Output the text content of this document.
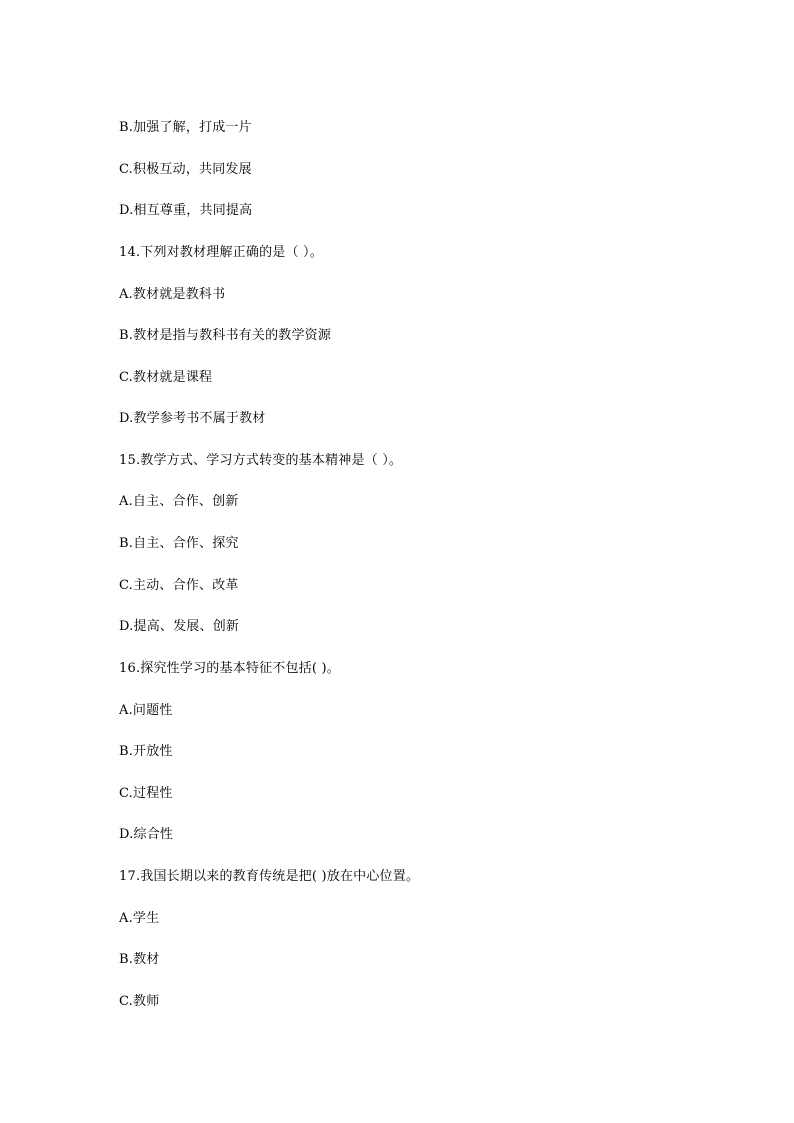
B.加强了解，打成一片
C.积极互动，共同发展
D.相互尊重，共同提高
14.下列对教材理解正确的是（ ）。
A.教材就是教科书
B.教材是指与教科书有关的教学资源
C.教材就是课程
D.教学参考书不属于教材
15.教学方式、学习方式转变的基本精神是（ ）。
A.自主、合作、创新
B.自主、合作、探究
C.主动、合作、改革
D.提高、发展、创新
16.探究性学习的基本特征不包括( )。
A.问题性
B.开放性
C.过程性
D.综合性
17.我国长期以来的教育传统是把( )放在中心位置。
A.学生
B.教材
C.教师
